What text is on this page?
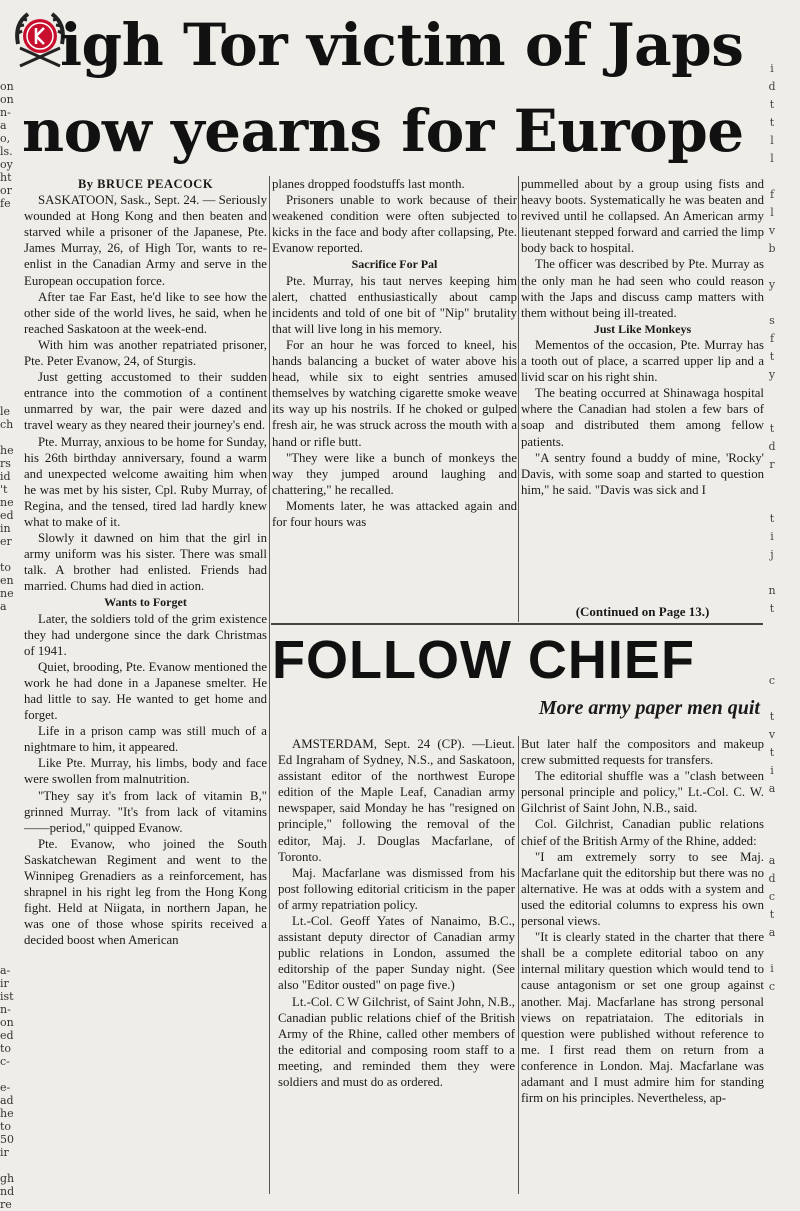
on
on
n-
a
o,
ls.
oy
ht
or
fe

le
ch

he
rs
id
't
ne
ed
in
er

to
en
ne
a

a-
ir
ist
n-
on
ed
to
c-

e-
ad
he
to
50
ir

gh
nd
re
i
d
t
t
l
l

f
l
v
b

y

s
f
t
y

t
d
r

t
i
j

n
t

c

t
v
t
i
a

a
d
c
t
a

i
c
igh Tor victim of Japs
now yearns for Europe

By BRUCE PEACOCK

SASKATOON, Sask., Sept. 24. — Seriously wounded at Hong Kong and then beaten and starved while a prisoner of the Japanese, Pte. James Murray, 26, of High Tor, wants to re-enlist in the Canadian Army and serve in the European occupation force.

After tae Far East, he'd like to see how the other side of the world lives, he said, when he reached Saskatoon at the week-end.

With him was another repatriated prisoner, Pte. Peter Evanow, 24, of Sturgis.

Just getting accustomed to their sudden entrance into the commotion of a continent unmarred by war, the pair were dazed and travel weary as they neared their journey's end.

Pte. Murray, anxious to be home for Sunday, his 26th birthday anniversary, found a warm and unexpected welcome awaiting him when he was met by his sister, Cpl. Ruby Murray, of Regina, and the tensed, tired lad hardly knew what to make of it.

Slowly it dawned on him that the girl in army uniform was his sister. There was small talk. A brother had enlisted. Friends had married. Chums had died in action.

Wants to Forget

Later, the soldiers told of the grim existence they had undergone since the dark Christmas of 1941.

Quiet, brooding, Pte. Evanow mentioned the work he had done in a Japanese smelter. He had little to say. He wanted to get home and forget.

Life in a prison camp was still much of a nightmare to him, it appeared.

Like Pte. Murray, his limbs, body and face were swollen from malnutrition.

"They say it's from lack of vitamin B," grinned Murray. "It's from lack of vitamins——period," quipped Evanow.

Pte. Evanow, who joined the South Saskatchewan Regiment and went to the Winnipeg Grenadiers as a reinforcement, has shrapnel in his right leg from the Hong Kong fight. Held at Niigata, in northern Japan, he was one of those whose spirits received a decided boost when American

planes dropped foodstuffs last month.

Prisoners unable to work because of their weakened condition were often subjected to kicks in the face and body after collapsing, Pte. Evanow reported.

Sacrifice For Pal

Pte. Murray, his taut nerves keeping him alert, chatted enthusiastically about camp incidents and told of one bit of "Nip" brutality that will live long in his memory.

For an hour he was forced to kneel, his hands balancing a bucket of water above his head, while six to eight sentries amused themselves by watching cigarette smoke weave its way up his nostrils. If he choked or gulped fresh air, he was struck across the mouth with a hand or rifle butt.

"They were like a bunch of monkeys the way they jumped around laughing and chattering," he recalled.

Moments later, he was attacked again and for four hours was

pummelled about by a group using fists and heavy boots. Systematically he was beaten and revived until he collapsed. An American army lieutenant stepped forward and carried the limp body back to hospital.

The officer was described by Pte. Murray as the only man he had seen who could reason with the Japs and discuss camp matters with them without being ill-treated.

Just Like Monkeys

Mementos of the occasion, Pte. Murray has a tooth out of place, a scarred upper lip and a livid scar on his right shin.

The beating occurred at Shinawaga hospital where the Canadian had stolen a few bars of soap and distributed them among fellow patients.

"A sentry found a buddy of mine, 'Rocky' Davis, with some soap and started to question him," he said. "Davis was sick and I

(Continued on Page 13.)
FOLLOW CHIEF
More army paper men quit

AMSTERDAM, Sept. 24 (CP). —Lieut. Ed Ingraham of Sydney, N.S., and Saskatoon, assistant editor of the northwest Europe edition of the Maple Leaf, Canadian army newspaper, said Monday he has "resigned on principle," following the removal of the editor, Maj. J. Douglas Macfarlane, of Toronto.

Maj. Macfarlane was dismissed from his post following editorial criticism in the paper of army repatriation policy.

Lt.-Col. Geoff Yates of Nanaimo, B.C., assistant deputy director of Canadian army public relations in London, assumed the editorship of the paper Sunday night. (See also "Editor ousted" on page five.)

Lt.-Col. C W Gilchrist, of Saint John, N.B., Canadian public relations chief of the British Army of the Rhine, called other members of the editorial and composing room staff to a meeting, and reminded them they were soldiers and must do as ordered.

But later half the compositors and makeup crew submitted requests for transfers.

The editorial shuffle was a "clash between personal principle and policy," Lt.-Col. C. W. Gilchrist of Saint John, N.B., said.

Col. Gilchrist, Canadian public relations chief of the British Army of the Rhine, added:

"I am extremely sorry to see Maj. Macfarlane quit the editorship but there was no alternative. He was at odds with a system and used the editorial columns to express his own personal views.

"It is clearly stated in the charter that there shall be a complete editorial taboo on any internal military question which would tend to cause antagonism or set one group against another. Maj. Macfarlane has strong personal views on repatriataion. The editorials in question were published without reference to me. I first read them on return from a conference in London. Maj. Macfarlane was adamant and I must admire him for standing firm on his principles. Nevertheless, ap-
